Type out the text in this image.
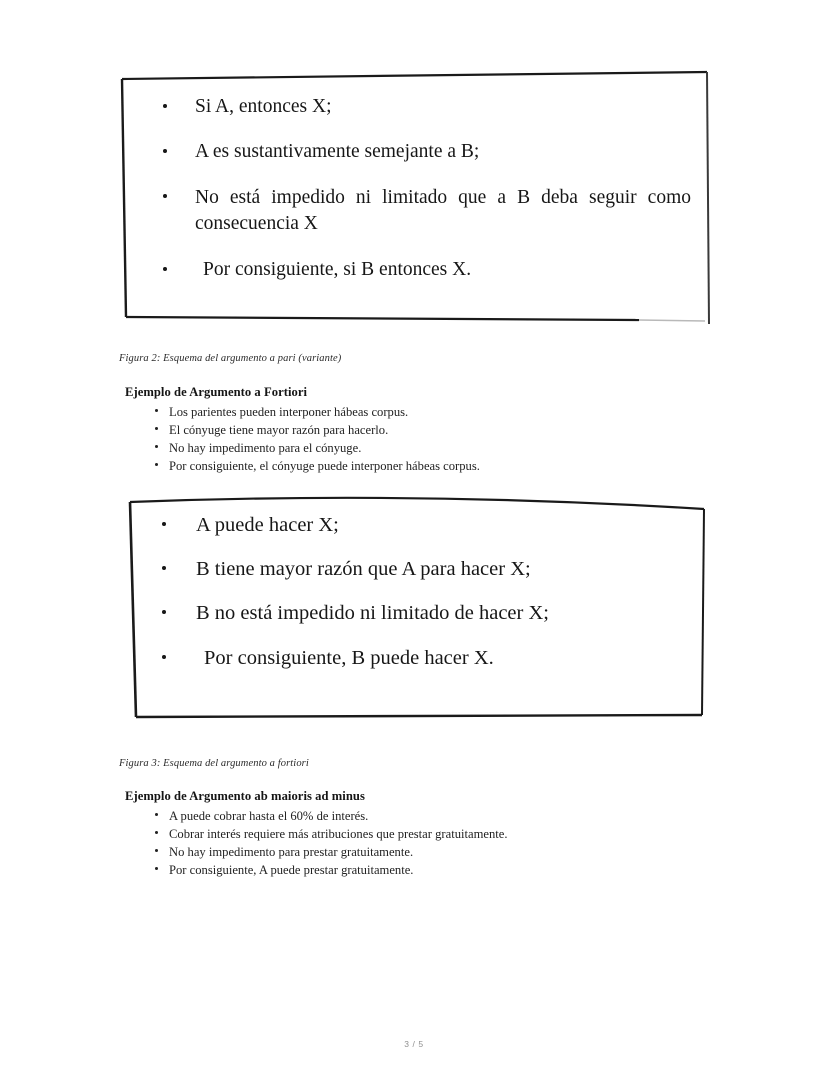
Si A, entonces X;
A es sustantivamente semejante a B;
No está impedido ni limitado que a B deba seguir como consecuencia X
Por consiguiente, si B entonces X.
Figura 2: Esquema del argumento a pari (variante)
Ejemplo de Argumento a Fortiori
Los parientes pueden interponer hábeas corpus.
El cónyuge tiene mayor razón para hacerlo.
No hay impedimento para el cónyuge.
Por consiguiente, el cónyuge puede interponer hábeas corpus.
A puede hacer X;
B tiene mayor razón que A para hacer X;
B no está impedido ni limitado de hacer X;
Por consiguiente, B puede hacer X.
Figura 3: Esquema del argumento a fortiori
Ejemplo de Argumento ab maioris ad minus
A puede cobrar hasta el 60% de interés.
Cobrar interés requiere más atribuciones que prestar gratuitamente.
No hay impedimento para prestar gratuitamente.
Por consiguiente, A puede prestar gratuitamente.
3 / 5
